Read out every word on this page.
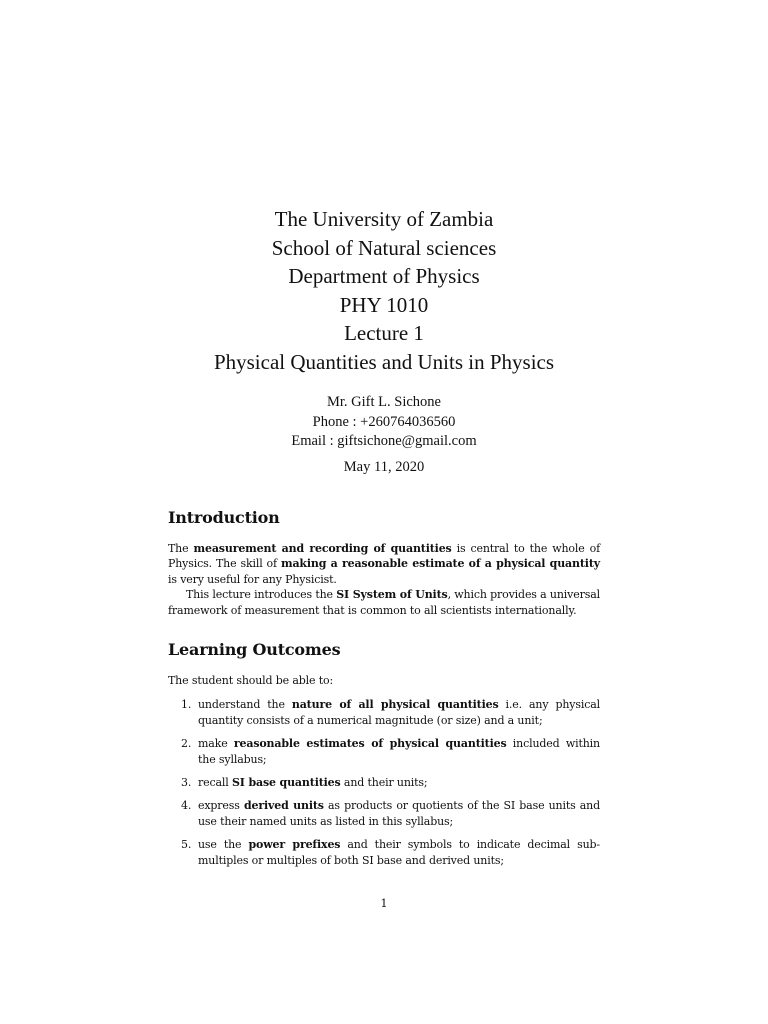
The University of Zambia
School of Natural sciences
Department of Physics
PHY 1010
Lecture 1
Physical Quantities and Units in Physics
Mr. Gift L. Sichone
Phone : +260764036560
Email : giftsichone@gmail.com
May 11, 2020
Introduction

The measurement and recording of quantities is central to the whole of Physics. The skill of making a reasonable estimate of a physical quantity is very useful for any Physicist.

This lecture introduces the SI System of Units, which provides a universal framework of measurement that is common to all scientists internationally.

Learning Outcomes

The student should be able to:

1. understand the nature of all physical quantities i.e. any physical quantity consists of a numerical magnitude (or size) and a unit;
2. make reasonable estimates of physical quantities included within the syllabus;
3. recall SI base quantities and their units;
4. express derived units as products or quotients of the SI base units and use their named units as listed in this syllabus;
5. use the power prefixes and their symbols to indicate decimal sub-multiples or multiples of both SI base and derived units;
1
